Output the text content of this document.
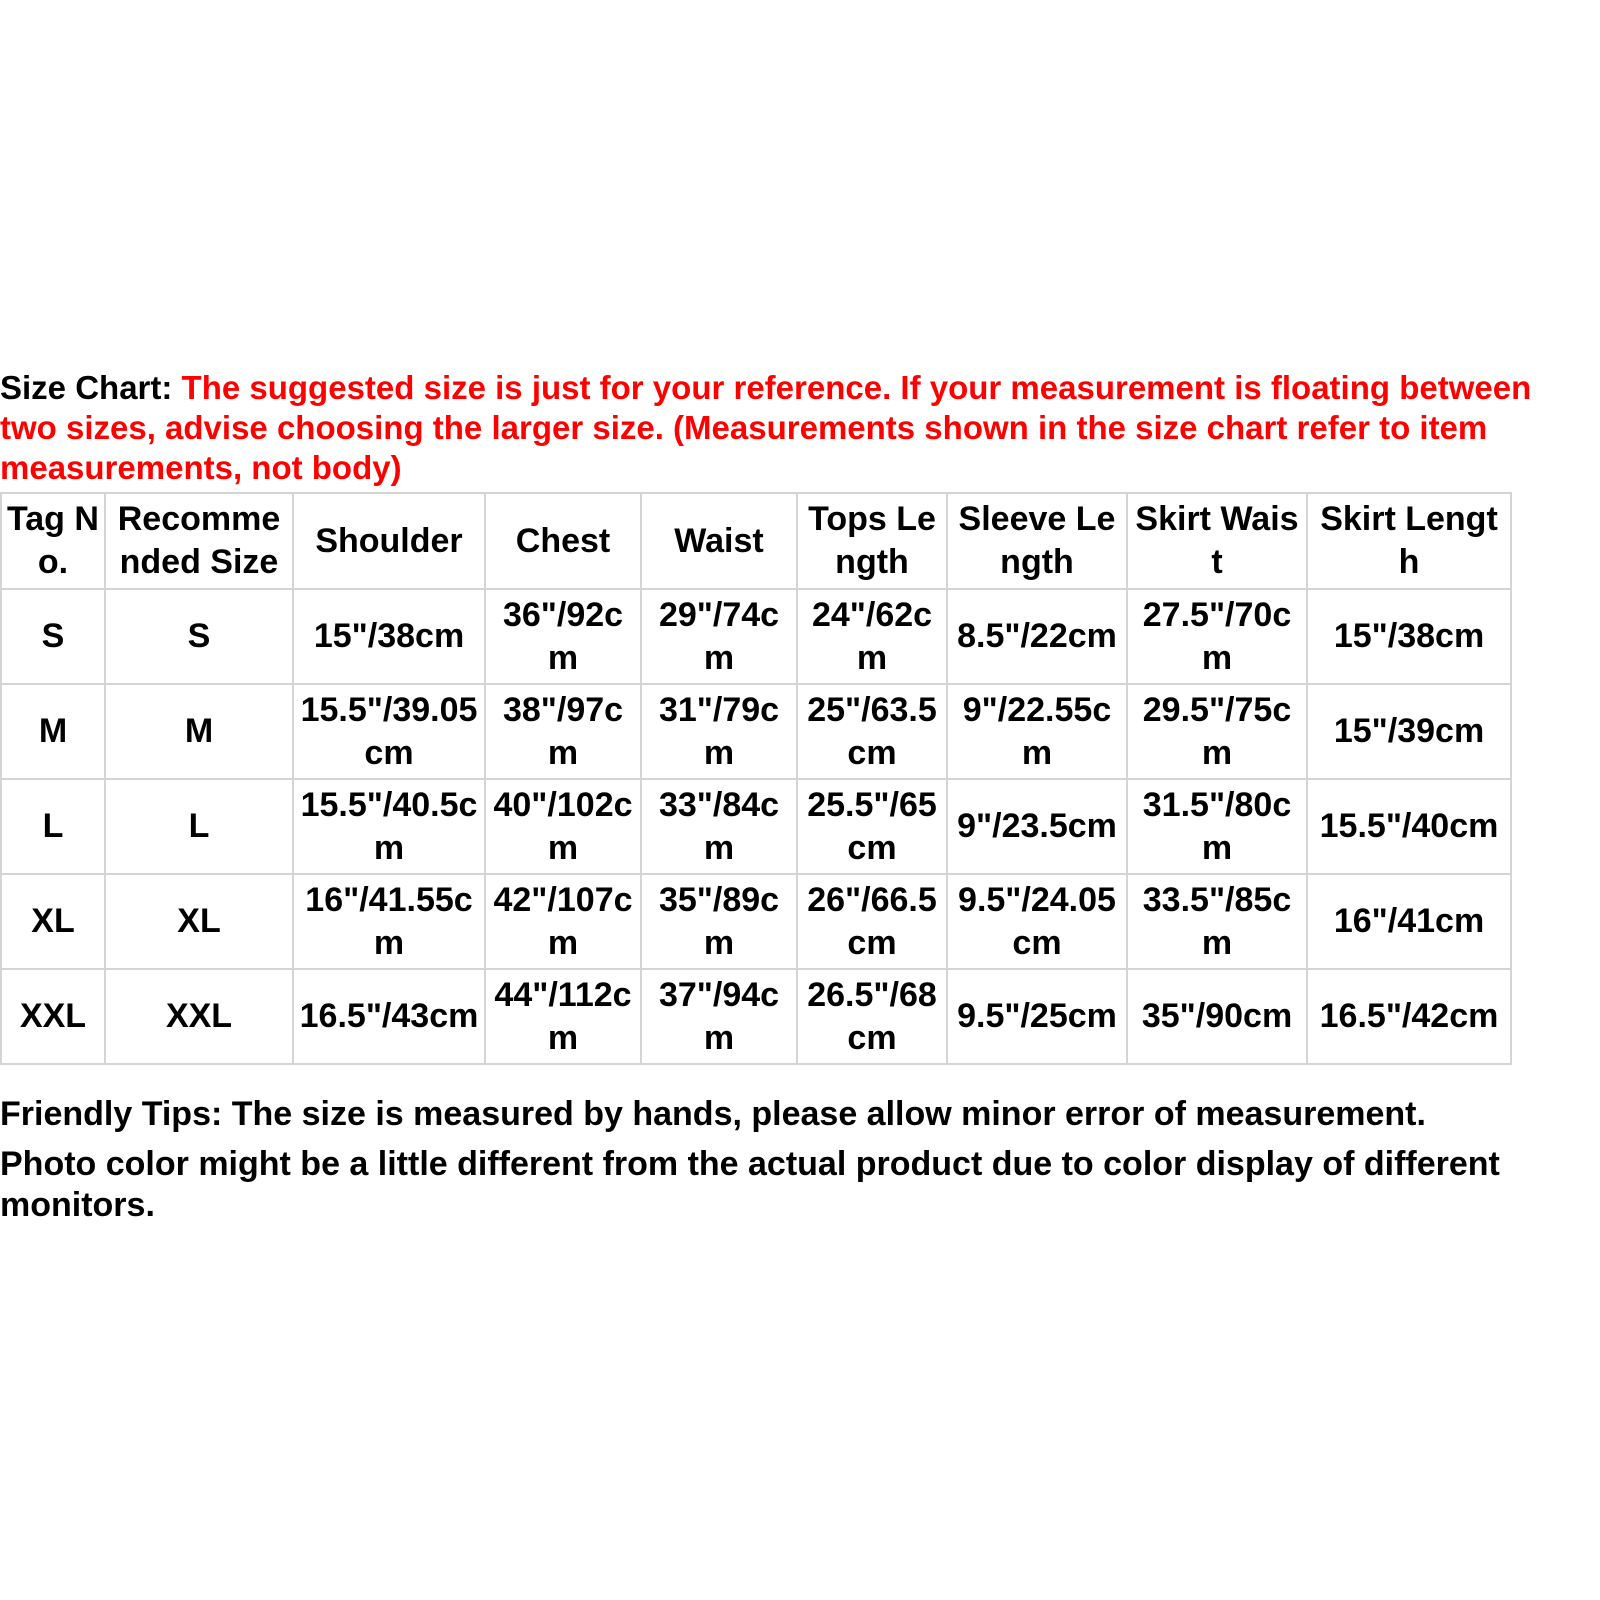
Size Chart: The suggested size is just for your reference. If your measurement is floating between two sizes, advise choosing the larger size. (Measurements shown in the size chart refer to item measurements, not body)
Tag No.	Recommended Size	Shoulder	Chest	Waist	Tops Length	Sleeve Length	Skirt Waist	Skirt Length
S	S	15"/38cm	36"/92cm	29"/74cm	24"/62cm	8.5"/22cm	27.5"/70cm	15"/38cm
M	M	15.5"/39.05cm	38"/97cm	31"/79cm	25"/63.5cm	9"/22.55cm	29.5"/75cm	15"/39cm
L	L	15.5"/40.5cm	40"/102cm	33"/84cm	25.5"/65cm	9"/23.5cm	31.5"/80cm	15.5"/40cm
XL	XL	16"/41.55cm	42"/107cm	35"/89cm	26"/66.5cm	9.5"/24.05cm	33.5"/85cm	16"/41cm
XXL	XXL	16.5"/43cm	44"/112cm	37"/94cm	26.5"/68cm	9.5"/25cm	35"/90cm	16.5"/42cm

Friendly Tips: The size is measured by hands, please allow minor error of measurement.

Photo color might be a little different from the actual product due to color display of different monitors.
